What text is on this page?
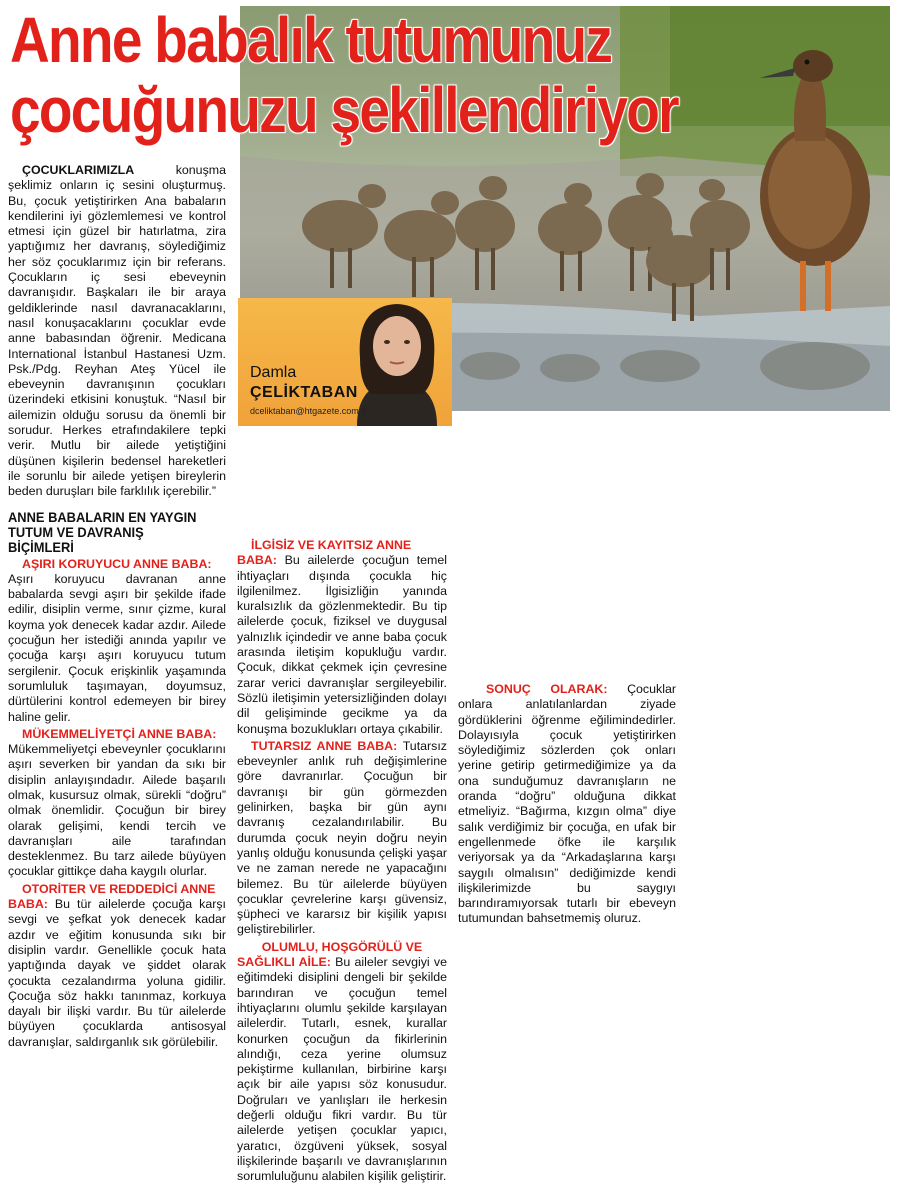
Anne babalık tutumunuz
çocuğunuzu şekillendiriyor
Damla
ÇELİKTABAN
dceliktaban@htgazete.com.tr

ÇOCUKLARIMIZLA konuşma şeklimiz onların iç sesini oluşturmuş. Bu, çocuk yetiştirirken Ana babaların kendilerini iyi gözlemlemesi ve kontrol etmesi için güzel bir hatırlatma, zira yaptığımız her davranış, söylediğimiz her söz çocuklarımız için bir referans. Çocukların iç sesi ebeveynin davranışıdır. Başkaları ile bir araya geldiklerinde nasıl davranacaklarını, nasıl konuşacaklarını çocuklar evde anne babasından öğrenir. Medicana International İstanbul Hastanesi Uzm. Psk./Pdg. Reyhan Ateş Yücel ile ebeveynin davranışının çocukları üzerindeki etkisini konuştuk. “Nasıl bir ailemizin olduğu sorusu da önemli bir sorudur. Herkes etrafındakilere tepki verir. Mutlu bir ailede yetiştiğini düşünen kişilerin bedensel hareketleri ile sorunlu bir ailede yetişen bireylerin beden duruşları bile farklılık içerebilir.”

ANNE BABALARIN EN YAYGIN TUTUM VE DAVRANIŞ BİÇİMLERİ
AŞIRI KORUYUCU ANNE BABA:

Aşırı koruyucu davranan anne babalarda sevgi aşırı bir şekilde ifade edilir, disiplin verme, sınır çizme, kural koyma yok denecek kadar azdır. Ailede çocuğun her istediği anında yapılır ve çocuğa karşı aşırı koruyucu tutum sergilenir. Çocuk erişkinlik yaşamında sorumluluk taşımayan, doyumsuz, dürtülerini kontrol edemeyen bir birey haline gelir.

MÜKEMMELİYETÇİ ANNE BABA:

Mükemmeliyetçi ebeveynler çocuklarını aşırı severken bir yandan da sıkı bir disiplin anlayışındadır. Ailede başarılı olmak, kusursuz olmak, sürekli “doğru” olmak önemlidir. Çocuğun bir birey olarak gelişimi, kendi tercih ve davranışları aile tarafından desteklenmez. Bu tarz ailede büyüyen çocuklar gittikçe daha kaygılı olurlar.

OTORİTER VE REDDEDİCİ ANNE

BABA: Bu tür ailelerde çocuğa karşı sevgi ve şefkat yok denecek kadar azdır ve eğitim konusunda sıkı bir disiplin vardır. Genellikle çocuk hata yaptığında dayak ve şiddet olarak çocukta cezalandırma yoluna gidilir. Çocuğa söz hakkı tanınmaz, korkuya dayalı bir ilişki vardır. Bu tür ailelerde büyüyen çocuklarda antisosyal davranışlar, saldırganlık sık görülebilir.

İLGİSİZ VE KAYITSIZ ANNE

BABA: Bu ailelerde çocuğun temel ihtiyaçları dışında çocukla hiç ilgilenilmez. İlgisizliğin yanında kuralsızlık da gözlenmektedir. Bu tip ailelerde çocuk, fiziksel ve duygusal yalnızlık içindedir ve anne baba çocuk arasında iletişim kopukluğu vardır. Çocuk, dikkat çekmek için çevresine zarar verici davranışlar sergileyebilir. Sözlü iletişimin yetersizliğinden dolayı dil gelişiminde gecikme ya da konuşma bozuklukları ortaya çıkabilir.

TUTARSIZ ANNE BABA: Tutarsız ebeveynler anlık ruh değişimlerine göre davranırlar. Çocuğun bir davranışı bir gün görmezden gelinirken, başka bir gün aynı davranış cezalandırılabilir. Bu durumda çocuk neyin doğru neyin yanlış olduğu konusunda çelişki yaşar ve ne zaman nerede ne yapacağını bilemez. Bu tür ailelerde büyüyen çocuklar çevrelerine karşı güvensiz, şüpheci ve kararsız bir kişilik yapısı geliştirebilirler.

OLUMLU, HOŞGÖRÜLÜ VE

SAĞLIKLI AİLE: Bu aileler sevgiyi ve eğitimdeki disiplini dengeli bir şekilde barındıran ve çocuğun temel ihtiyaçlarını olumlu şekilde karşılayan ailelerdir. Tutarlı, esnek, kurallar konurken çocuğun da fikirlerinin alındığı, ceza yerine olumsuz pekiştirme kullanılan, birbirine karşı açık bir aile yapısı söz konusudur. Doğruları ve yanlışları ile herkesin değerli olduğu fikri vardır. Bu tür ailelerde yetişen çocuklar yapıcı, yaratıcı, özgüveni yüksek, sosyal ilişkilerinde başarılı ve davranışlarının sorumluluğunu alabilen kişilik geliştirir.

SONUÇ OLARAK: Çocuklar onlara anlatılanlardan ziyade gördüklerini öğrenme eğilimindedirler. Dolayısıyla çocuk yetiştirirken söylediğimiz sözlerden çok onları yerine getirip getirmediğimize ya da ona sunduğumuz davranışların ne oranda “doğru” olduğuna dikkat etmeliyiz. “Bağırma, kızgın olma” diye salık verdiğimiz bir çocuğa, en ufak bir engellenmede öfke ile karşılık veriyorsak ya da “Arkadaşlarına karşı saygılı olmalısın” dediğimizde kendi ilişkilerimizde bu saygıyı barındıramıyorsak tutarlı bir ebeveyn tutumundan bahsetmemiş oluruz.
